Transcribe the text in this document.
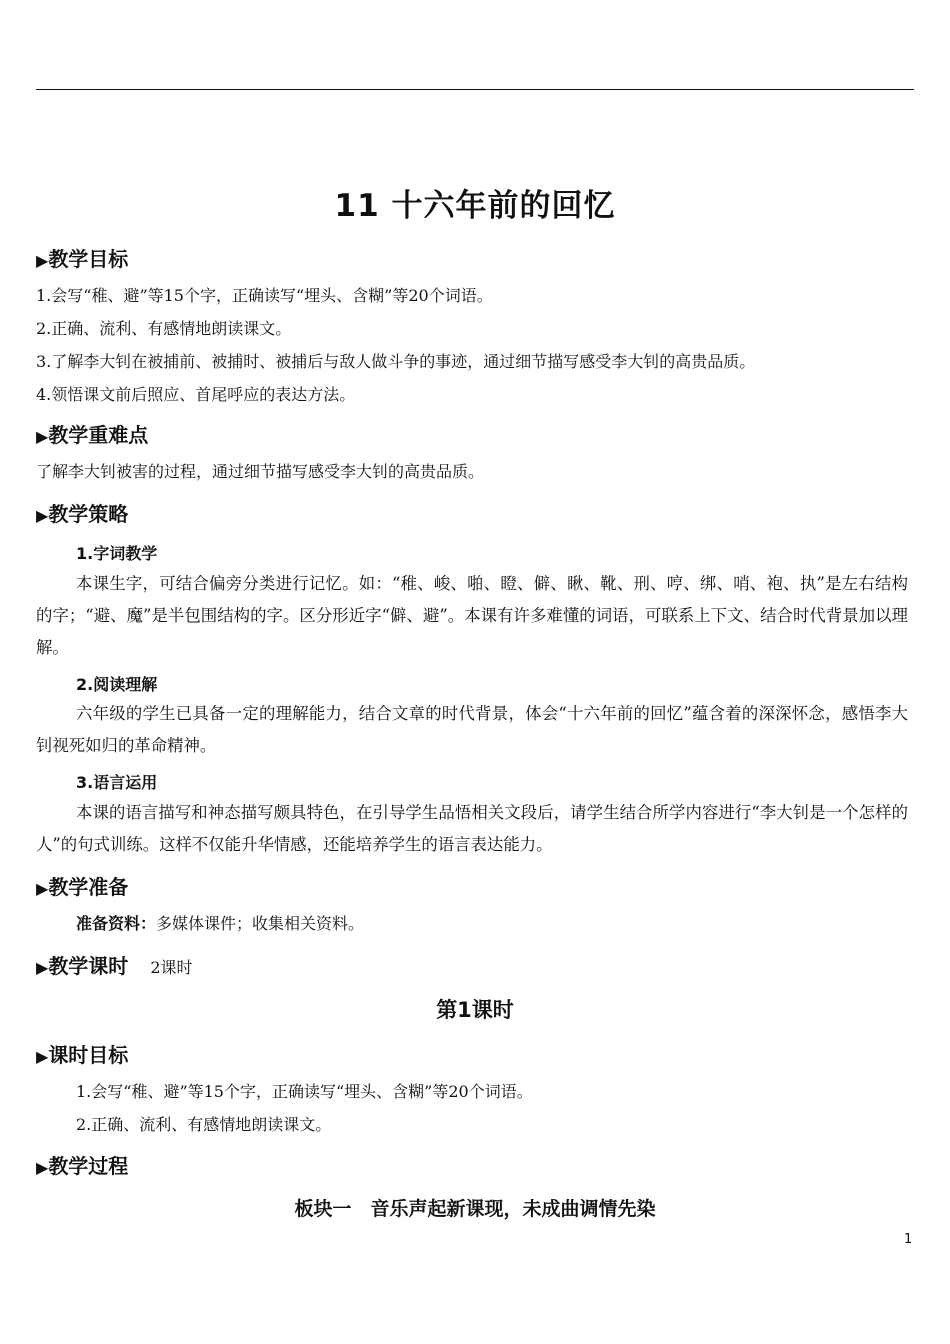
11 十六年前的回忆
▶教学目标
1.会写“稚、避”等15个字，正确读写“埋头、含糊”等20个词语。
2.正确、流利、有感情地朗读课文。
3.了解李大钊在被捕前、被捕时、被捕后与敌人做斗争的事迹，通过细节描写感受李大钊的高贵品质。
4.领悟课文前后照应、首尾呼应的表达方法。
▶教学重难点
了解李大钊被害的过程，通过细节描写感受李大钊的高贵品质。
▶教学策略
1.字词教学
本课生字，可结合偏旁分类进行记忆。如：“稚、峻、啪、瞪、僻、瞅、靴、刑、哼、绑、哨、袍、执”是左右结构的字；“避、魔”是半包围结构的字。区分形近字“僻、避”。本课有许多难懂的词语，可联系上下文、结合时代背景加以理解。
2.阅读理解
六年级的学生已具备一定的理解能力，结合文章的时代背景，体会“十六年前的回忆”蕴含着的深深怀念，感悟李大钊视死如归的革命精神。
3.语言运用
本课的语言描写和神态描写颇具特色，在引导学生品悟相关文段后，请学生结合所学内容进行“李大钊是一个怎样的人”的句式训练。这样不仅能升华情感，还能培养学生的语言表达能力。
▶教学准备
准备资料：多媒体课件；收集相关资料。
▶教学课时 2课时
第1课时
▶课时目标
1.会写“稚、避”等15个字，正确读写“埋头、含糊”等20个词语。
2.正确、流利、有感情地朗读课文。
▶教学过程
板块一　音乐声起新课现，未成曲调情先染
1
